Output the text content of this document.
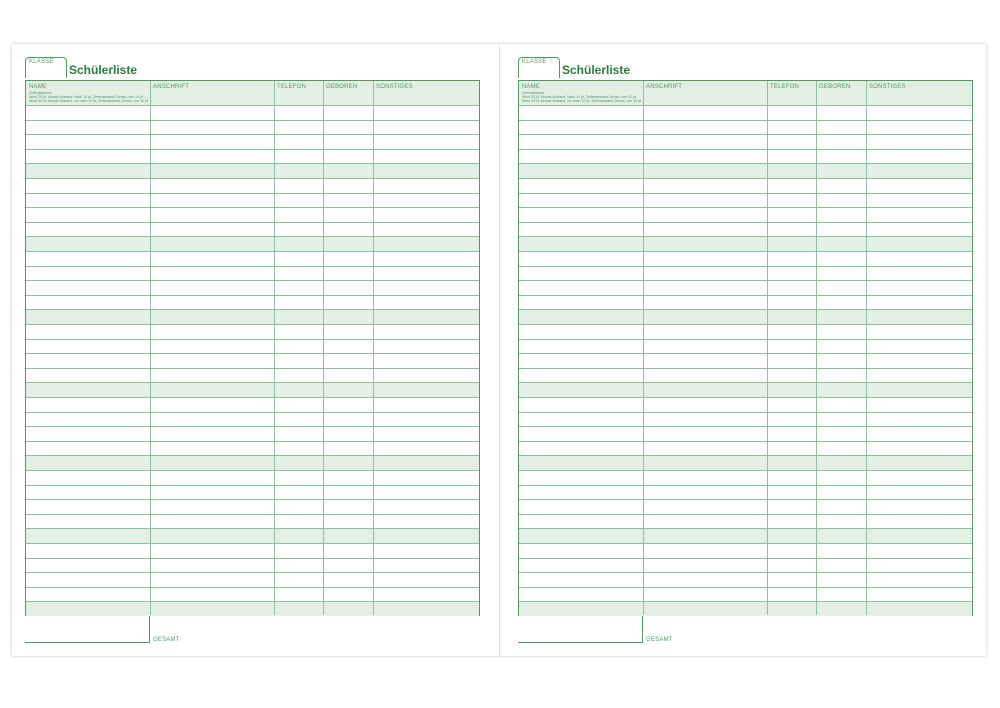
KLASSE
Schülerliste
NAME	ANSCHRIFT	TELEFON	GEBOREN	SONSTIGES
Zeilenabstand:
Word 2010: Absatz Abstand, Nach 10 pt, Zeilenabstand Genau, von 10 pt
Word 2013: Absatz Abstand, vor nach 10 pt, Zeilenabstand Genau, von 10 pt
GESAMT
KLASSE
Schülerliste
NAME	ANSCHRIFT	TELEFON	GEBOREN	SONSTIGES
Zeilenabstand:
Word 2010: Absatz Abstand, Nach 10 pt, Zeilenabstand Genau, von 10 pt
Word 2013: Absatz Abstand, vor nach 10 pt, Zeilenabstand Genau, von 10 pt
GESAMT
